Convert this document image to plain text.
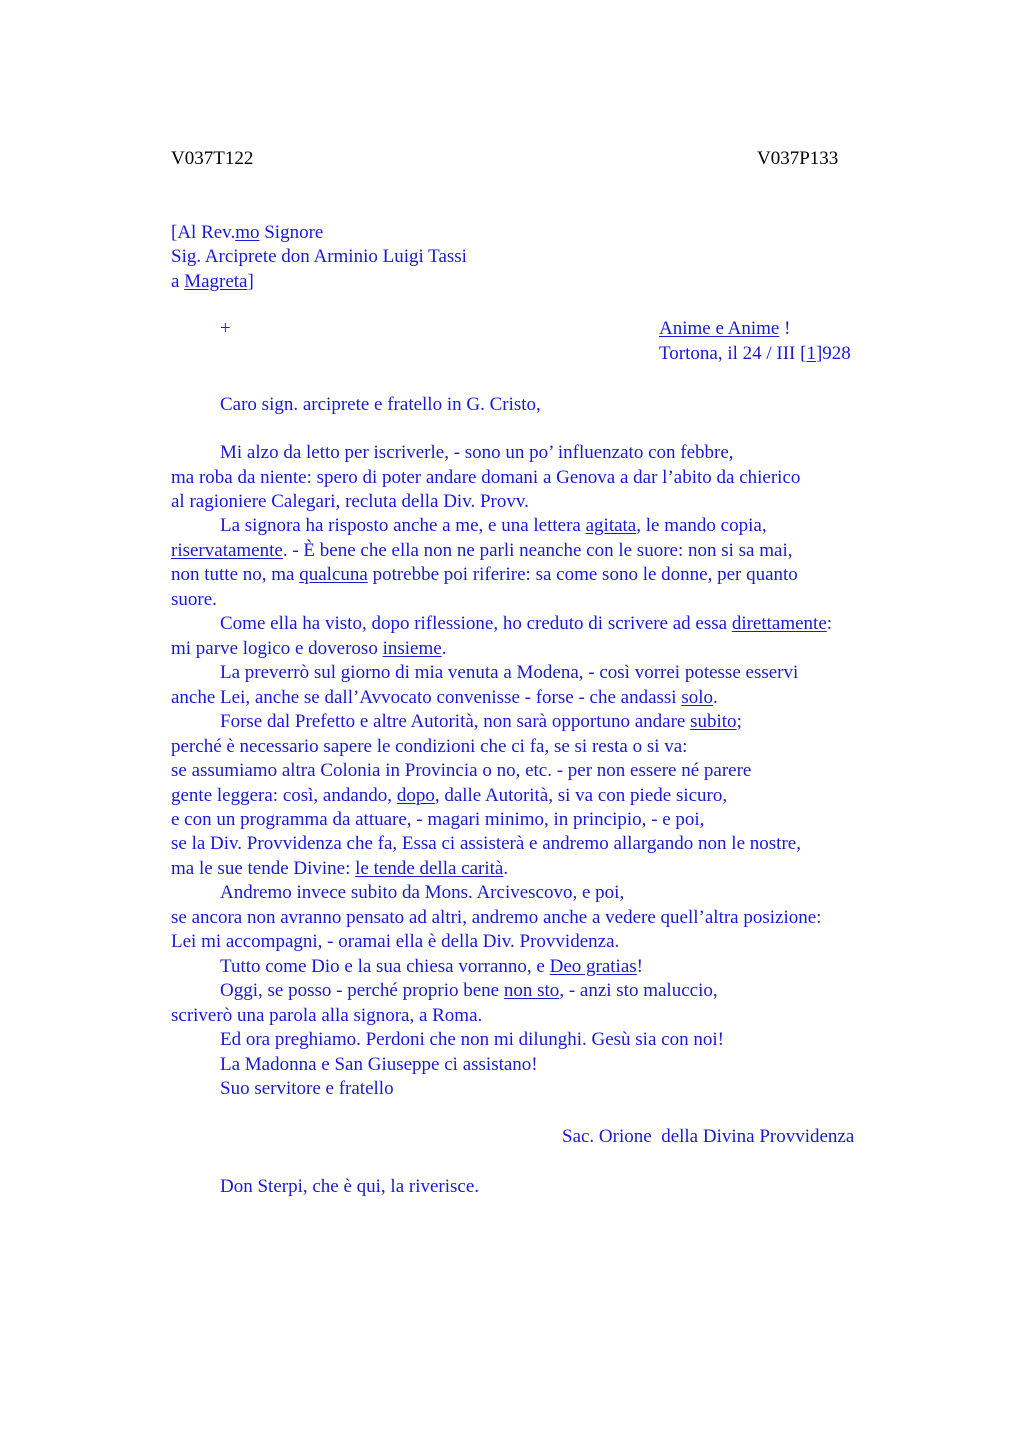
V037T122	V037P133
[Al Rev.mo Signore
Sig. Arciprete don Arminio Luigi Tassi
a Magreta]
+	Anime e Anime !
Tortona, il 24 / III [1]928
Caro sign. arciprete e fratello in G. Cristo,
Mi alzo da letto per iscriverle, - sono un po’ influenzato con febbre,
ma roba da niente: spero di poter andare domani a Genova a dar l’abito da chierico
al ragioniere Calegari, recluta della Div. Provv.
La signora ha risposto anche a me, e una lettera agitata, le mando copia,
riservatamente. - È bene che ella non ne parli neanche con le suore: non si sa mai,
non tutte no, ma qualcuna potrebbe poi riferire: sa come sono le donne, per quanto
suore.
Come ella ha visto, dopo riflessione, ho creduto di scrivere ad essa direttamente:
mi parve logico e doveroso insieme.
La preverrò sul giorno di mia venuta a Modena, - così vorrei potesse esservi
anche Lei, anche se dall’Avvocato convenisse - forse - che andassi solo.
Forse dal Prefetto e altre Autorità, non sarà opportuno andare subito;
perché è necessario sapere le condizioni che ci fa, se si resta o si va:
se assumiamo altra Colonia in Provincia o no, etc. - per non essere né parere
gente leggera: così, andando, dopo, dalle Autorità, si va con piede sicuro,
e con un programma da attuare, - magari minimo, in principio, - e poi,
se la Div. Provvidenza che fa, Essa ci assisterà e andremo allargando non le nostre,
ma le sue tende Divine: le tende della carità.
Andremo invece subito da Mons. Arcivescovo, e poi,
se ancora non avranno pensato ad altri, andremo anche a vedere quell’altra posizione:
Lei mi accompagni, - oramai ella è della Div. Provvidenza.
Tutto come Dio e la sua chiesa vorranno, e Deo gratias!
Oggi, se posso - perché proprio bene non sto, - anzi sto maluccio,
scriverò una parola alla signora, a Roma.
Ed ora preghiamo. Perdoni che non mi dilunghi. Gesù sia con noi!
La Madonna e San Giuseppe ci assistano!
Suo servitore e fratello
Sac. Orione  della Divina Provvidenza
Don Sterpi, che è qui, la riverisce.
